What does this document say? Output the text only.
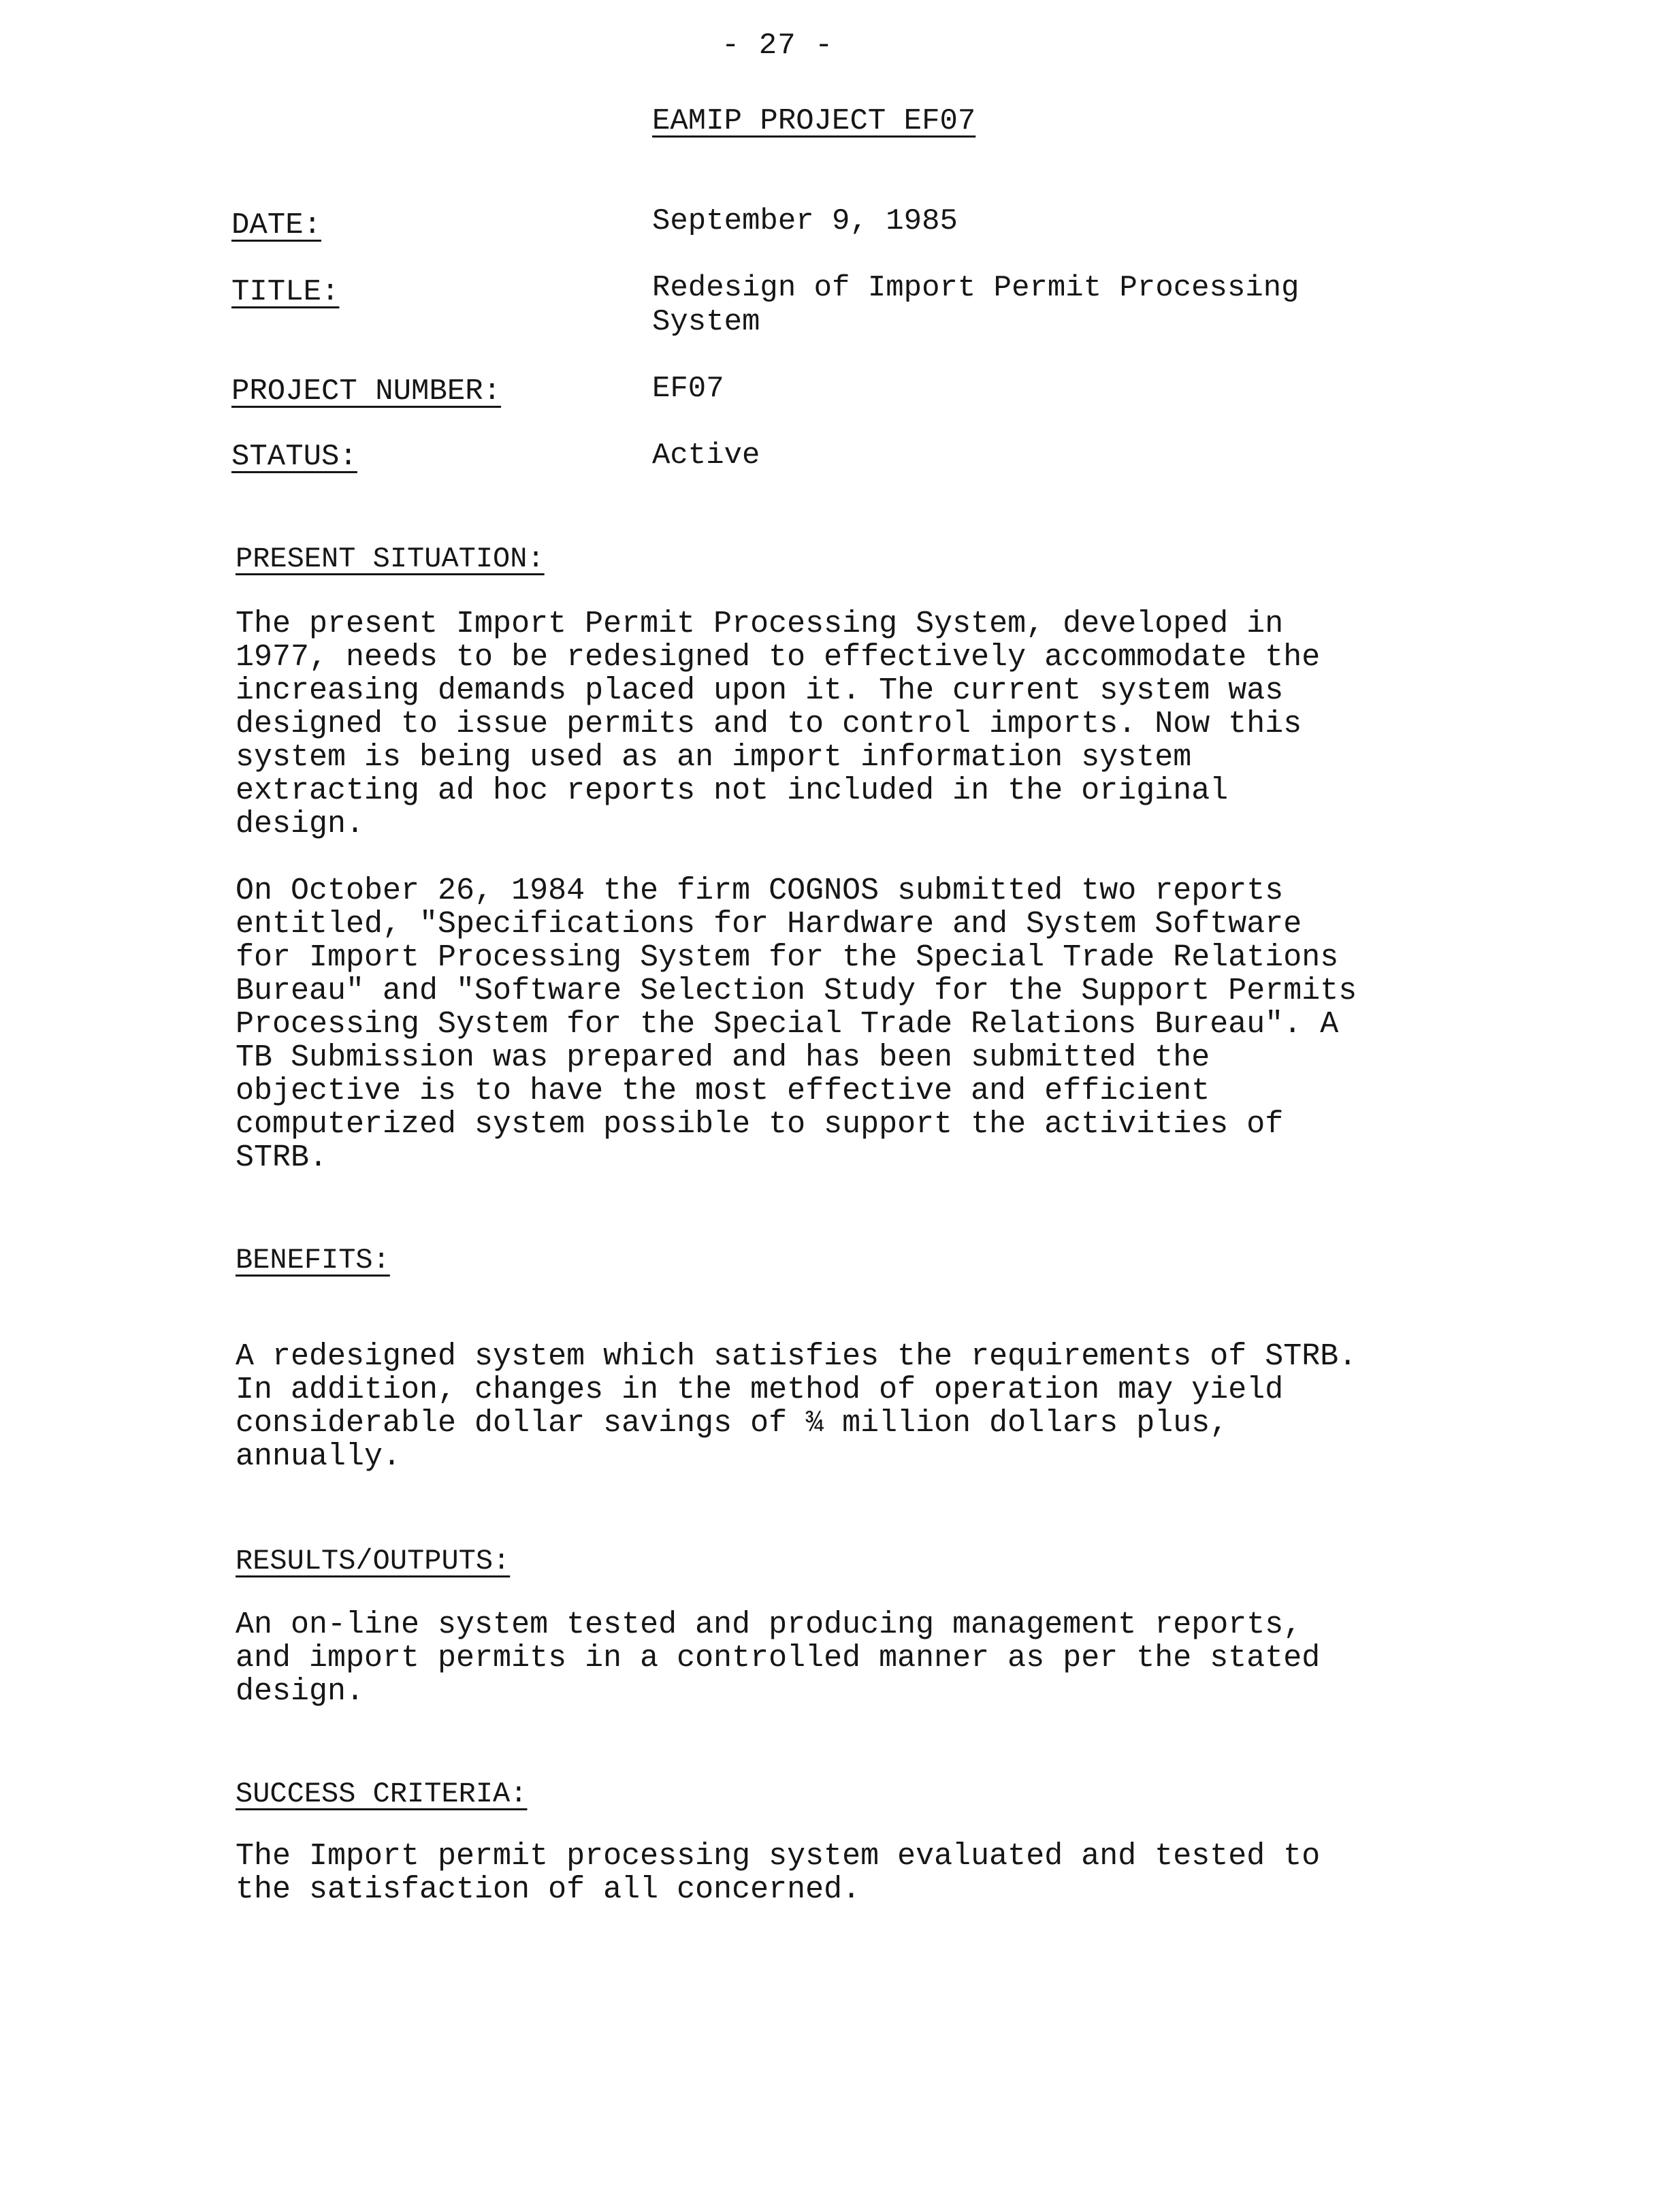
- 27 -
EAMIP PROJECT EF07
DATE:	September 9, 1985
TITLE:	Redesign of Import Permit Processing
System
PROJECT NUMBER:	EF07
STATUS:	Active
PRESENT SITUATION:

The present Import Permit Processing System, developed in
1977, needs to be redesigned to effectively accommodate the
increasing demands placed upon it. The current system was
designed to issue permits and to control imports. Now this
system is being used as an import information system
extracting ad hoc reports not included in the original
design.

On October 26, 1984 the firm COGNOS submitted two reports
entitled, "Specifications for Hardware and System Software
for Import Processing System for the Special Trade Relations
Bureau" and "Software Selection Study for the Support Permits
Processing System for the Special Trade Relations Bureau". A
TB Submission was prepared and has been submitted the
objective is to have the most effective and efficient
computerized system possible to support the activities of
STRB.

BENEFITS:

A redesigned system which satisfies the requirements of STRB.
In addition, changes in the method of operation may yield
considerable dollar savings of ¾ million dollars plus,
annually.

RESULTS/OUTPUTS:

An on-line system tested and producing management reports,
and import permits in a controlled manner as per the stated
design.

SUCCESS CRITERIA:

The Import permit processing system evaluated and tested to
the satisfaction of all concerned.
